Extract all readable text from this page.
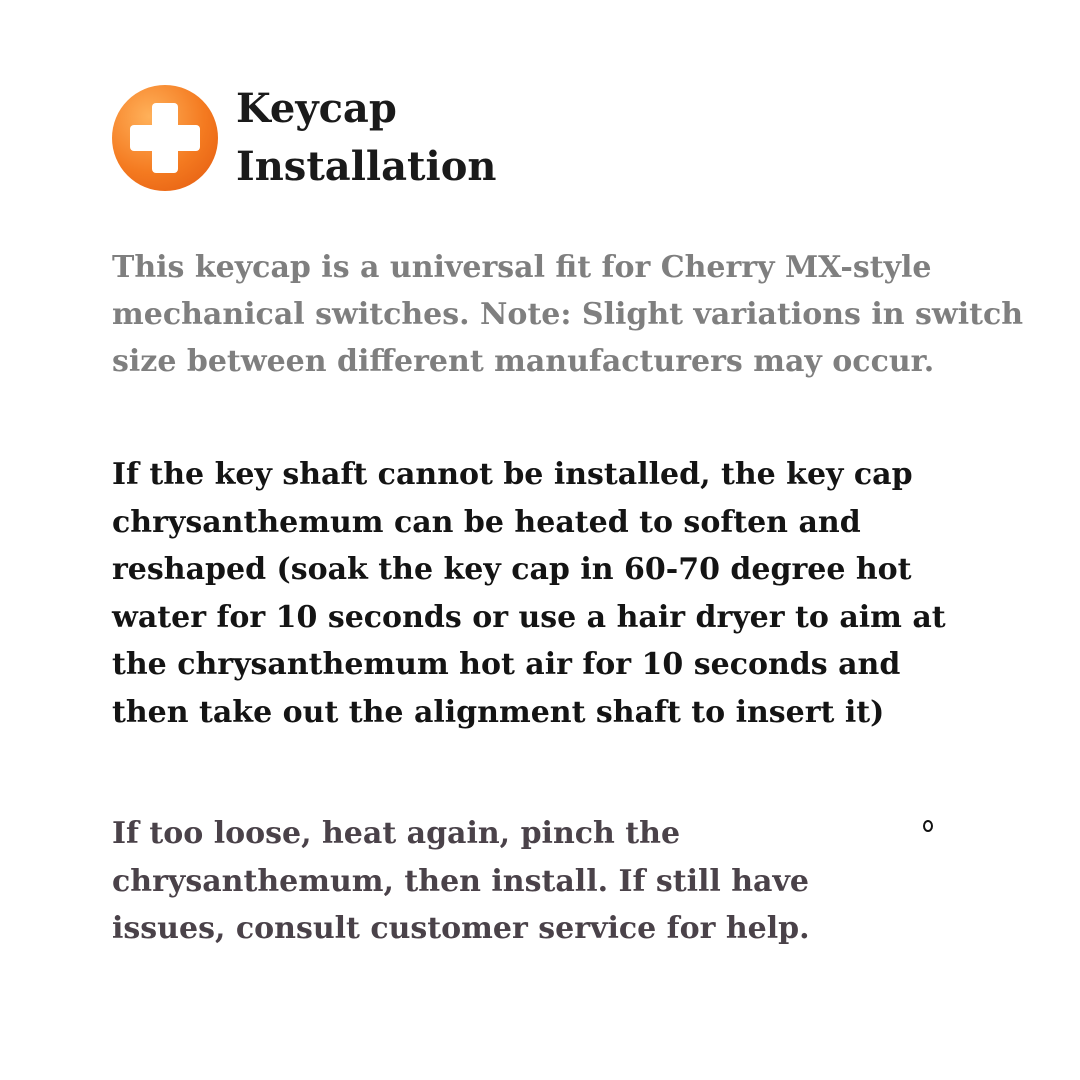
Keycap Installation

This keycap is a universal fit for Cherry MX-style mechanical switches. Note: Slight variations in switch size between different manufacturers may occur.

If the key shaft cannot be installed, the key cap chrysanthemum can be heated to soften and reshaped (soak the key cap in 60-70 degree hot water for 10 seconds or use a hair dryer to aim at the chrysanthemum hot air for 10 seconds and then take out the alignment shaft to insert it)

If too loose, heat again, pinch the chrysanthemum, then install. If still have issues, consult customer service for help.
